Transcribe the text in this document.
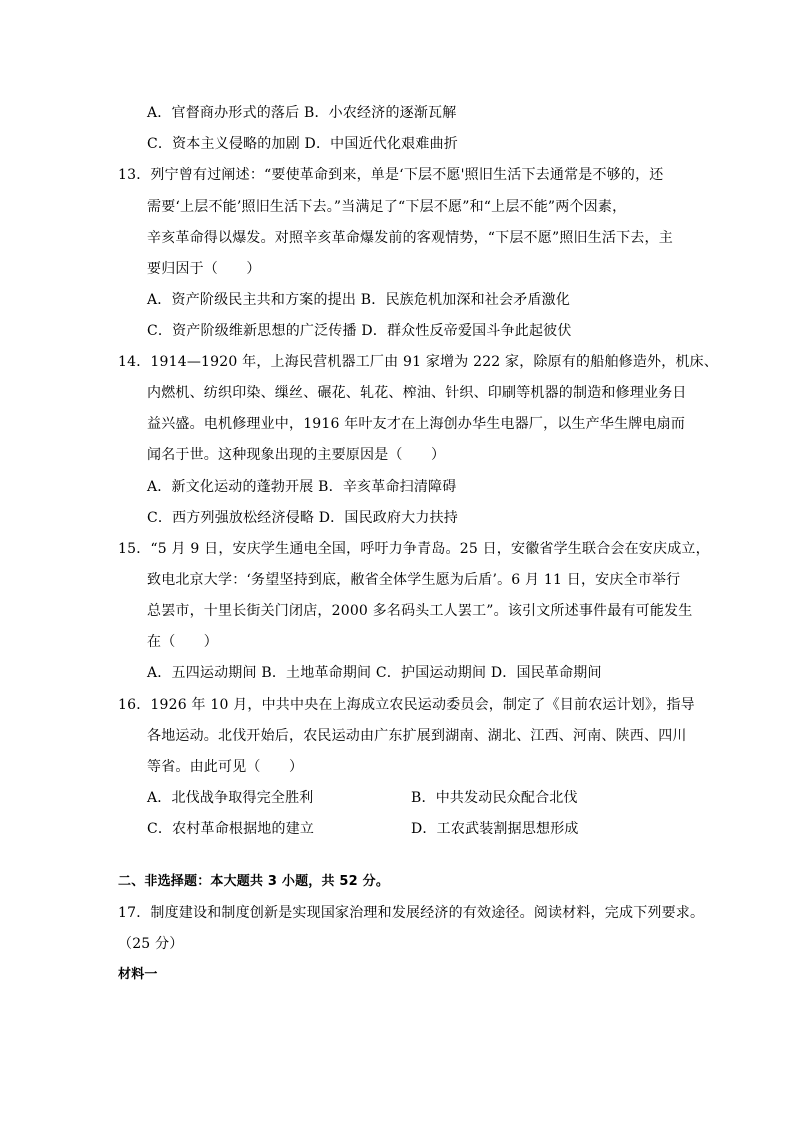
A．官督商办形式的落后 B．小农经济的逐渐瓦解
C．资本主义侵略的加剧 D．中国近代化艰难曲折
13．列宁曾有过阐述：“要使革命到来，单是‘下层不愿'照旧生活下去通常是不够的，还
需要‘上层不能’照旧生活下去。”当满足了“下层不愿”和“上层不能”两个因素，
辛亥革命得以爆发。对照辛亥革命爆发前的客观情势，“下层不愿”照旧生活下去，主
要归因于（　　）
A．资产阶级民主共和方案的提出 B．民族危机加深和社会矛盾激化
C．资产阶级维新思想的广泛传播 D．群众性反帝爱国斗争此起彼伏
14．1914—1920 年，上海民营机器工厂由 91 家增为 222 家，除原有的船舶修造外，机床、
内燃机、纺织印染、缫丝、碾花、轧花、榨油、针织、印刷等机器的制造和修理业务日
益兴盛。电机修理业中，1916 年叶友才在上海创办华生电器厂，以生产华生牌电扇而
闻名于世。这种现象出现的主要原因是（　　）
A．新文化运动的蓬勃开展 B．辛亥革命扫清障碍
C．西方列强放松经济侵略 D．国民政府大力扶持
15．“5 月 9 日，安庆学生通电全国，呼吁力争青岛。25 日，安徽省学生联合会在安庆成立，
致电北京大学：‘务望坚持到底，敝省全体学生愿为后盾’。6 月 11 日，安庆全市举行
总罢市，十里长街关门闭店，2000 多名码头工人罢工”。该引文所述事件最有可能发生
在（　　）
A．五四运动期间 B．土地革命期间 C．护国运动期间 D．国民革命期间
16．1926 年 10 月，中共中央在上海成立农民运动委员会，制定了《目前农运计划》，指导
各地运动。北伐开始后，农民运动由广东扩展到湖南、湖北、江西、河南、陕西、四川
等省。由此可见（　　）
A．北伐战争取得完全胜利	B．中共发动民众配合北伐
C．农村革命根据地的建立	D．工农武装割据思想形成
二、非选择题：本大题共 3 小题，共 52 分。
17．制度建设和制度创新是实现国家治理和发展经济的有效途径。阅读材料，完成下列要求。
（25 分）
材料一
